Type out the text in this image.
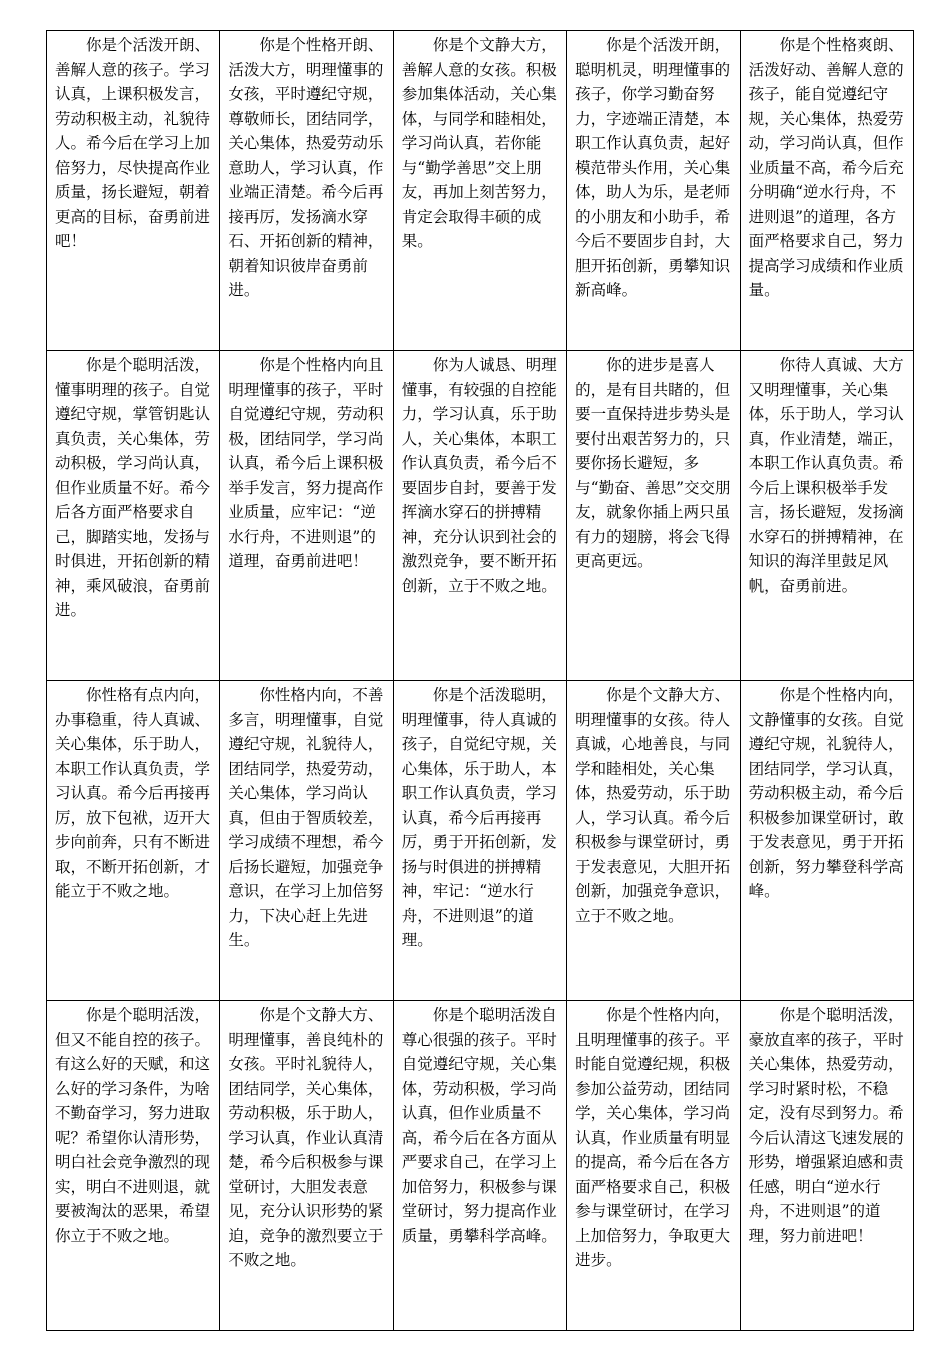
你是个活泼开朗、善解人意的孩子。学习认真，上课积极发言，劳动积极主动，礼貌待人。希今后在学习上加倍努力，尽快提高作业质量，扬长避短，朝着更高的目标，奋勇前进吧！	你是个性格开朗、活泼大方，明理懂事的女孩，平时遵纪守规，尊敬师长，团结同学，关心集体，热爱劳动乐意助人，学习认真，作业端正清楚。希今后再接再厉，发扬滴水穿石、开拓创新的精神，朝着知识彼岸奋勇前进。	你是个文静大方，善解人意的女孩。积极参加集体活动，关心集体，与同学和睦相处，学习尚认真，若你能与“勤学善思”交上朋友，再加上刻苦努力，肯定会取得丰硕的成果。	你是个活泼开朗，聪明机灵，明理懂事的孩子，你学习勤奋努力，字迹端正清楚，本职工作认真负责，起好模范带头作用，关心集体，助人为乐，是老师的小朋友和小助手，希今后不要固步自封，大胆开拓创新，勇攀知识新高峰。	你是个性格爽朗、活泼好动、善解人意的孩子，能自觉遵纪守规，关心集体，热爱劳动，学习尚认真，但作业质量不高，希今后充分明确“逆水行舟，不进则退”的道理，各方面严格要求自己，努力提高学习成绩和作业质量。
你是个聪明活泼，懂事明理的孩子。自觉遵纪守规，掌管钥匙认真负责，关心集体，劳动积极，学习尚认真，但作业质量不好。希今后各方面严格要求自己，脚踏实地，发扬与时俱进，开拓创新的精神，乘风破浪，奋勇前进。	你是个性格内向且明理懂事的孩子，平时自觉遵纪守规，劳动积极，团结同学，学习尚认真，希今后上课积极举手发言，努力提高作业质量，应牢记：“逆水行舟，不进则退”的道理，奋勇前进吧！	你为人诚恳、明理懂事，有较强的自控能力，学习认真，乐于助人，关心集体，本职工作认真负责，希今后不要固步自封，要善于发挥滴水穿石的拼搏精神，充分认识到社会的激烈竞争，要不断开拓创新，立于不败之地。	你的进步是喜人的，是有目共睹的，但要一直保持进步势头是要付出艰苦努力的，只要你扬长避短，多与“勤奋、善思”交交朋友，就象你插上两只虽有力的翅膀，将会飞得更高更远。	你待人真诚、大方又明理懂事，关心集体，乐于助人，学习认真，作业清楚，端正，本职工作认真负责。希今后上课积极举手发言，扬长避短，发扬滴水穿石的拼搏精神，在知识的海洋里鼓足风帆，奋勇前进。
你性格有点内向，办事稳重，待人真诚、关心集体，乐于助人，本职工作认真负责，学习认真。希今后再接再厉，放下包袱，迈开大步向前奔，只有不断进取，不断开拓创新，才能立于不败之地。	你性格内向，不善多言，明理懂事，自觉遵纪守规，礼貌待人，团结同学，热爱劳动，关心集体，学习尚认真，但由于智质较差，学习成绩不理想，希今后扬长避短，加强竞争意识，在学习上加倍努力，下决心赶上先进生。	你是个活泼聪明，明理懂事，待人真诚的孩子，自觉纪守规，关心集体，乐于助人，本职工作认真负责，学习认真，希今后再接再厉，勇于开拓创新，发扬与时俱进的拼搏精神，牢记：“逆水行舟，不进则退”的道理。	你是个文静大方、明理懂事的女孩。待人真诚，心地善良，与同学和睦相处，关心集体，热爱劳动，乐于助人，学习认真。希今后积极参与课堂研讨，勇于发表意见，大胆开拓创新，加强竞争意识，立于不败之地。	你是个性格内向，文静懂事的女孩。自觉遵纪守规，礼貌待人，团结同学，学习认真，劳动积极主动，希今后积极参加课堂研讨，敢于发表意见，勇于开拓创新，努力攀登科学高峰。
你是个聪明活泼，但又不能自控的孩子。有这么好的天赋，和这么好的学习条件，为啥不勤奋学习，努力进取呢？希望你认清形势，明白社会竞争激烈的现实，明白不进则退，就要被淘汰的恶果，希望你立于不败之地。	你是个文静大方、明理懂事，善良纯朴的女孩。平时礼貌待人，团结同学，关心集体，劳动积极，乐于助人，学习认真，作业认真清楚，希今后积极参与课堂研讨，大胆发表意见，充分认识形势的紧迫，竞争的激烈要立于不败之地。	你是个聪明活泼自尊心很强的孩子。平时自觉遵纪守规，关心集体，劳动积极，学习尚认真，但作业质量不高，希今后在各方面从严要求自己，在学习上加倍努力，积极参与课堂研讨，努力提高作业质量，勇攀科学高峰。	你是个性格内向，且明理懂事的孩子。平时能自觉遵纪规，积极参加公益劳动，团结同学，关心集体，学习尚认真，作业质量有明显的提高，希今后在各方面严格要求自己，积极参与课堂研讨，在学习上加倍努力，争取更大进步。	你是个聪明活泼，豪放直率的孩子，平时关心集体，热爱劳动，学习时紧时松，不稳定，没有尽到努力。希今后认清这飞速发展的形势，增强紧迫感和责任感，明白“逆水行舟，不进则退”的道理，努力前进吧！
